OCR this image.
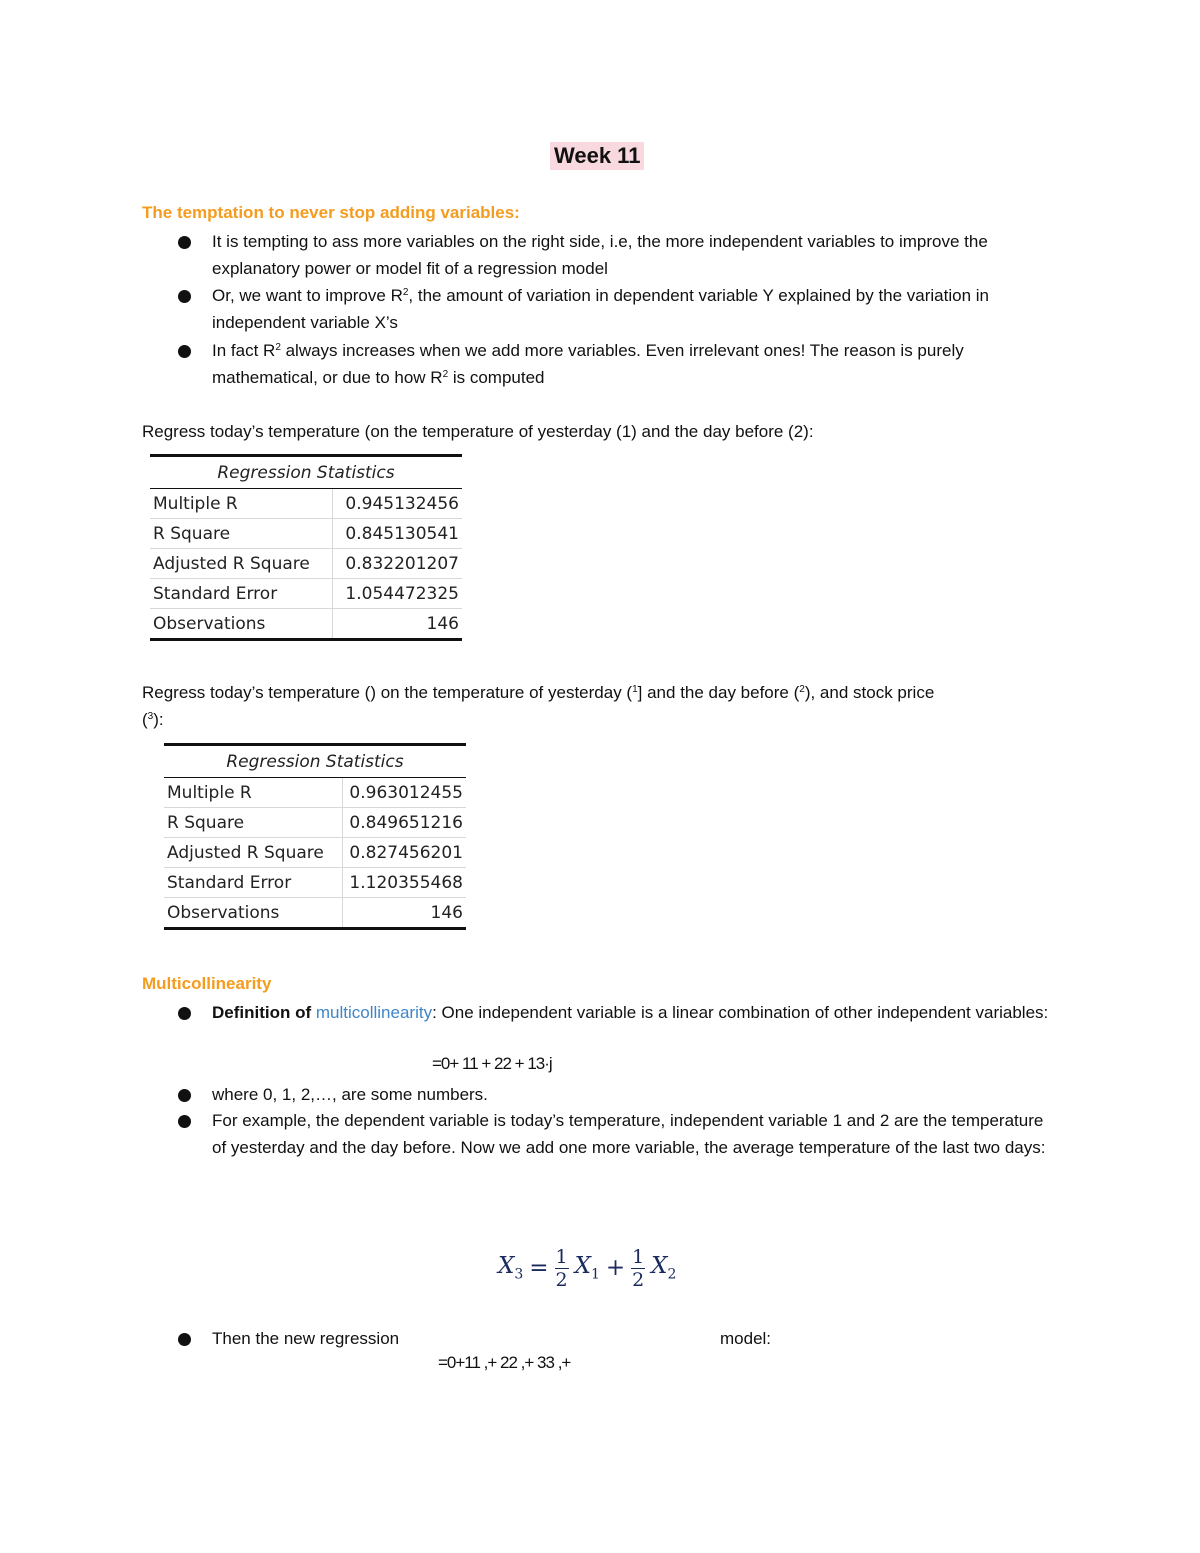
Week 11
The temptation to never stop adding variables:
It is tempting to ass more variables on the right side, i.e, the more independent variables to improve the explanatory power or model fit of a regression model
Or, we want to improve $R^2$, the amount of variation in dependent variable Y explained by the variation in independent variable X’s
In fact $R^2$ always increases when we add more variables. Even irrelevant ones! The reason is purely mathematical, or due to how $R^2$ is computed
Regress today’s temperature (on the temperature of yesterday (1) and the day before (2):
Regression Statistics	
Multiple R	0.945132456
R Square	0.845130541
Adjusted R Square	0.832201207
Standard Error	1.054472325
Observations	146
Regress today’s temperature () on the temperature of yesterday ($^1$] and the day before ($^2$), and stock price
($^3$):
Regression Statistics	
Multiple R	0.963012455
R Square	0.849651216
Adjusted R Square	0.827456201
Standard Error	1.120355468
Observations	146
Multicollinearity
Definition of multicollinearity: One independent variable is a linear combination of other independent variables:
=0+ 11 + 22 + 13·j
where 0, 1, 2,…, are some numbers.
For example, the dependent variable is today’s temperature, independent variable 1 and 2 are the temperature of yesterday and the day before. Now we add one more variable, the average temperature of the last two days:
$X_3 = \frac{1}{2} X_1 + \frac{1}{2} X_2$
Then the new regression	model:
=0+11 ,+ 22 ,+ 33 ,+
